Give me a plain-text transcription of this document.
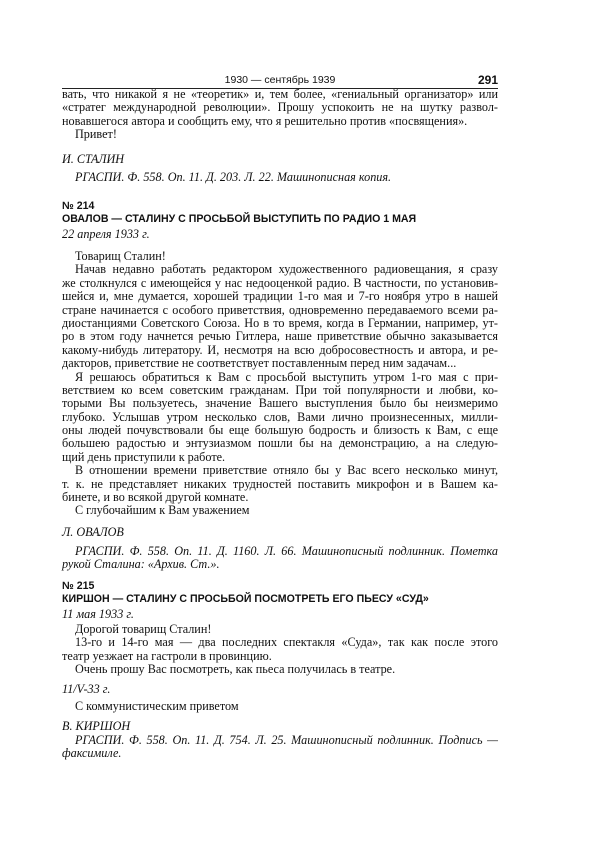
1930 — сентябрь 1939	291
вать, что никакой я не «теоретик» и, тем более, «гениальный организатор» или
«стратег международной революции». Прошу успокоить не на шутку развол-
новавшегося автора и сообщить ему, что я решительно против «посвящения».
Привет!
И. СТАЛИН
РГАСПИ. Ф. 558. Оп. 11. Д. 203. Л. 22. Машинописная копия.
№ 214
ОВАЛОВ — СТАЛИНУ С ПРОСЬБОЙ ВЫСТУПИТЬ ПО РАДИО 1 МАЯ
22 апреля 1933 г.
Товарищ Сталин!
Начав недавно работать редактором художественного радиовещания, я сразу
же столкнулся с имеющейся у нас недооценкой радио. В частности, по установив-
шейся и, мне думается, хорошей традиции 1-го мая и 7-го ноября утро в нашей
стране начинается с особого приветствия, одновременно передаваемого всеми ра-
диостанциями Советского Союза. Но в то время, когда в Германии, например, ут-
ро в этом году начнется речью Гитлера, наше приветствие обычно заказывается
какому-нибудь литератору. И, несмотря на всю добросовестность и автора, и ре-
дакторов, приветствие не соответствует поставленным перед ним задачам...
Я решаюсь обратиться к Вам с просьбой выступить утром 1-го мая с при-
ветствием ко всем советским гражданам. При той популярности и любви, ко-
торыми Вы пользуетесь, значение Вашего выступления было бы неизмеримо
глубоко. Услышав утром несколько слов, Вами лично произнесенных, милли-
оны людей почувствовали бы еще большую бодрость и близость к Вам, с еще
большею радостью и энтузиазмом пошли бы на демонстрацию, а на следую-
щий день приступили к работе.
В отношении времени приветствие отняло бы у Вас всего несколько минут,
т. к. не представляет никаких трудностей поставить микрофон и в Вашем ка-
бинете, и во всякой другой комнате.
С глубочайшим к Вам уважением
Л. ОВАЛОВ
РГАСПИ. Ф. 558. Оп. 11. Д. 1160. Л. 66. Машинописный подлинник. Пометка
рукой Сталина: «Архив. Ст.».
№ 215
КИРШОН — СТАЛИНУ С ПРОСЬБОЙ ПОСМОТРЕТЬ ЕГО ПЬЕСУ «СУД»
11 мая 1933 г.
Дорогой товарищ Сталин!
13-го и 14-го мая — два последних спектакля «Суда», так как после этого
театр уезжает на гастроли в провинцию.
Очень прошу Вас посмотреть, как пьеса получилась в театре.
11/V-33 г.
С коммунистическим приветом
В. КИРШОН
РГАСПИ. Ф. 558. Оп. 11. Д. 754. Л. 25. Машинописный подлинник. Подпись —
факсимиле.
